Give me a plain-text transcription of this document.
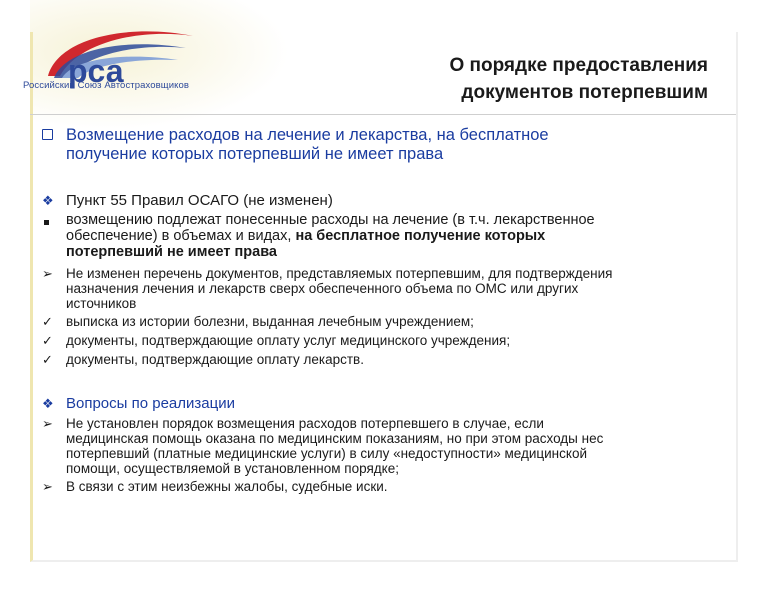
рса
Российский Союз Автостраховщиков
О порядке предоставления
документов потерпевшим
Возмещение расходов на лечение и лекарства, на бесплатное
получение которых потерпевший не имеет права
❖ Пункт 55 Правил ОСАГО (не изменен)
возмещению подлежат понесенные расходы на лечение (в т.ч. лекарственное
обеспечение) в объемах и видах, на бесплатное получение которых
потерпевший не имеет права
➢ Не изменен перечень документов, представляемых потерпевшим, для подтверждения
назначения лечения и лекарств сверх обеспеченного объема по ОМС или других
источников
✓ выписка из истории болезни, выданная лечебным учреждением;
✓ документы, подтверждающие оплату услуг медицинского учреждения;
✓ документы, подтверждающие оплату лекарств.
❖ Вопросы по реализации
➢ Не установлен порядок возмещения расходов потерпевшего в случае, если
медицинская помощь оказана по медицинским показаниям, но при этом расходы нес
потерпевший (платные медицинские услуги) в силу «недоступности» медицинской
помощи, осуществляемой в установленном порядке;
➢ В связи с этим неизбежны жалобы, судебные иски.
